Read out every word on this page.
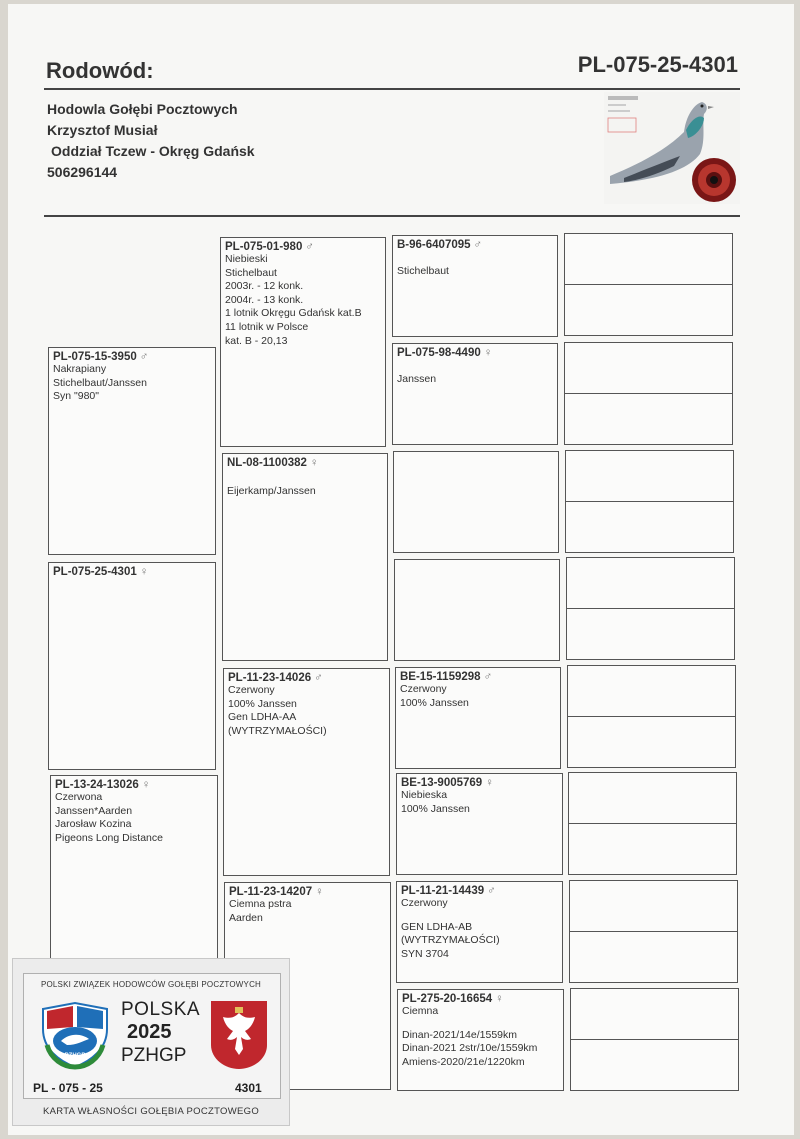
Rodowód:	PL-075-25-4301
Hodowla Gołębi Pocztowych
Krzysztof Musiał
Oddział Tczew - Okręg Gdańsk
506296144
PL-075-15-3950 ♂
Nakrapiany
Stichelbaut/Janssen
Syn "980"
PL-075-25-4301 ♀
PL-13-24-13026 ♀
Czerwona
Janssen*Aarden
Jarosław Kozina
Pigeons Long Distance
PL-075-01-980 ♂
Niebieski
Stichelbaut
2003r. - 12 konk.
2004r. - 13 konk.
1 lotnik Okręgu Gdańsk kat.B
11 lotnik w Polsce
kat. B - 20,13
NL-08-1100382 ♀
Eijerkamp/Janssen
PL-11-23-14026 ♂
Czerwony
100% Janssen
Gen LDHA-AA
(WYTRZYMAŁOŚCI)
PL-11-23-14207 ♀
Ciemna pstra
Aarden
B-96-6407095 ♂
Stichelbaut
PL-075-98-4490 ♀
Janssen
BE-15-1159298 ♂
Czerwony
100% Janssen
BE-13-9005769 ♀
Niebieska
100% Janssen
PL-11-21-14439 ♂
Czerwony
GEN LDHA-AB
(WYTRZYMAŁOŚCI)
SYN 3704
PL-275-20-16654 ♀
Ciemna
Dinan-2021/14e/1559km
Dinan-2021 2str/10e/1559km
Amiens-2020/21e/1220km
POLSKI ZWIĄZEK HODOWCÓW GOŁĘBI POCZTOWYCH
PZHGP
POLSKA
2025
PZHGP
PL - 075 - 25	4301
KARTA WŁASNOŚCI GOŁĘBIA POCZTOWEGO
